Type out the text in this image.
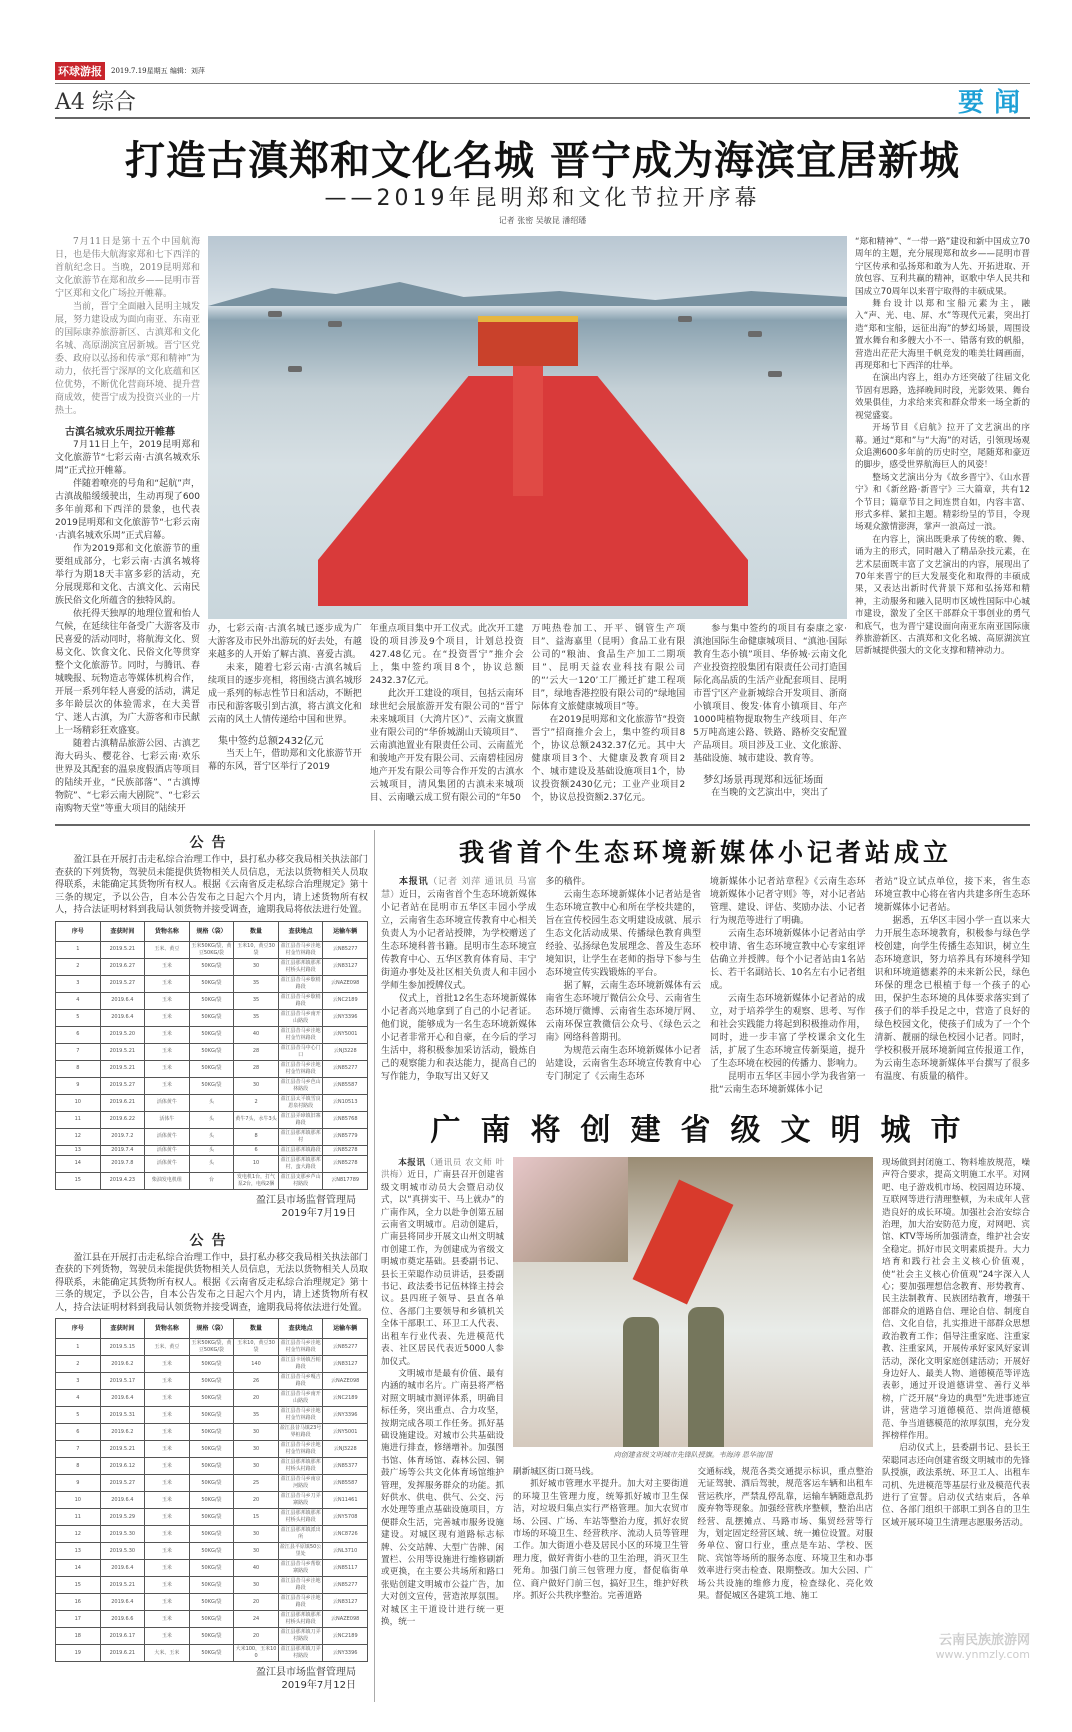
环球游报	2019.7.19星期五 编辑：刘萍
A4 综合	要闻
打造古滇郑和文化名城 晋宁成为海滨宜居新城
——2019年昆明郑和文化节拉开序幕
记者 张密 吴敏昆 潘绍璠

7月11日是第十五个中国航海日，也是伟大航海家郑和七下西洋的首航纪念日。当晚，2019昆明郑和文化旅游节在郑和故乡——昆明市晋宁区郑和文化广场拉开帷幕。

当前，晋宁全面融入昆明主城发展，努力建设成为面向南亚、东南亚的国际康养旅游新区、古滇郑和文化名城、高原湖滨宜居新城。晋宁区党委、政府以弘扬和传承“郑和精神”为动力，依托晋宁深厚的文化底蕴和区位优势，不断优化营商环境、提升营商成效，使晋宁成为投资兴业的一片热土。

古滇名城欢乐周拉开帷幕

7月11日上午，2019昆明郑和文化旅游节“七彩云南·古滇名城欢乐周”正式拉开帷幕。

伴随着嘹亮的号角和“起航”声，古滇战船缓缓驶出，生动再现了600多年前郑和下西洋的景象，也代表2019昆明郑和文化旅游节“七彩云南·古滇名城欢乐周”正式启幕。

作为2019郑和文化旅游节的重要组成部分，七彩云南·古滇名城将举行为期18天丰富多彩的活动，充分展现郑和文化、古滇文化、云南民族民俗文化所蕴含的独特风韵。

依托得天独厚的地理位置和怡人气候，在延续往年备受广大游客及市民喜爱的活动同时，将航海文化、贸易文化、饮食文化、民俗文化等贯穿整个文化旅游节。同时，与腾讯、春城晚报、玩物造志等媒体机构合作，开展一系列年轻人喜爱的活动，满足多年龄层次的体验需求，在大美晋宁、迷人古滇，为广大游客和市民献上一场精彩狂欢盛宴。

随着古滇精品旅游公园、古滇艺海大码头、樱花谷、七彩云南·欢乐世界及其配套的温泉度假酒店等项目的陆续开业，“民族部落”、“古滇博物院”、“七彩云南大剧院”、“七彩云南购物天堂”等重大项目的陆续开

办，七彩云南·古滇名城已逐步成为广大游客及市民外出游玩的好去处，有越来越多的人开始了解古滇、喜爱古滇。

未来，随着七彩云南·古滇名城后续项目的逐步亮相，将围绕古滇名城形成一系列的标志性节日和活动，不断把市民和游客吸引到古滇，将古滇文化和云南的风土人情传递给中国和世界。

集中签约总额2432亿元

当天上午，借助郑和文化旅游节开幕的东风，晋宁区举行了2019

年重点项目集中开工仪式。此次开工建设的项目涉及9个项目，计划总投资427.48亿元。在“投资晋宁”推介会上，集中签约项目8个，协议总额2432.37亿元。

此次开工建设的项目，包括云南环球世纪会展旅游开发有限公司的“晋宁未来城项目（大湾片区）”、云南文旗置业有限公司的“华侨城湖山天镜项目”、云南滇池置业有限责任公司、云南蓝光和骏地产开发有限公司、云南碧桂园房地产开发有限公司等合作开发的古滇水云城项目，清风集团的古滇未来城项目、云南曦云成工贸有限公司的“年50

万吨热卷加工、开平、钢管生产项目”、益海嘉里（昆明）食品工业有限公司的“粮油、食品生产加工二期项目”、昆明天益农业科技有限公司的“‘云大一120’工厂搬迁扩建工程项目”，绿地香港控股有限公司的“绿地国际体育文旅健康城项目”等。

在2019昆明郑和文化旅游节“投资晋宁”招商推介会上，集中签约项目8个，协议总额2432.37亿元。其中大健康项目3个、大健康及教育项目2个、城市建设及基础设施项目1个，协议投资额2430亿元；工业产业项目2个，协议总投资额2.37亿元。

参与集中签约的项目有泰康之家·滇池国际生命健康城项目、“滇池·国际教育生态小镇”项目、华侨城·云南文化产业投资控股集团有限责任公司打造国际化高品质的生活产业配套项目、昆明市晋宁区产业新城综合开发项目、浙商小镇项目、俊发·体育小镇项目、年产1000吨植物提取物生产线项目、年产5万吨高速公路、铁路、路桥交安配置产品项目。项目涉及工业、文化旅游、基础设施、城市建设、教育等。

梦幻场景再现郑和远征场面

在当晚的文艺演出中，突出了

“郑和精神”、“一带一路”建设和新中国成立70周年的主题，充分展现郑和故乡——昆明市晋宁区传承和弘扬郑和敢为人先、开拓进取、开放包容、互利共赢的精神，讴歌中华人民共和国成立70周年以来晋宁取得的丰硕成果。

舞台设计以郑和宝船元素为主，融入“声、光、电、屏、水”等现代元素，突出打造“郑和宝船，远征出海”的梦幻场景，周围设置水舞台和多艘大小不一、错落有致的帆船，营造出茫茫大海里千帆竞发的唯美壮阔画面，再现郑和七下西洋的壮举。

在演出内容上，组办方还突破了往届文化节固有思路，选择晚间时段，光影效果、舞台效果俱佳，力求给来宾和群众带来一场全新的视觉盛宴。

开场节目《启航》拉开了文艺演出的序幕。通过“郑和”与“大海”的对话，引领现场观众追溯600多年前的历史时空，尾随郑和豪迈的脚步，感受世界航海巨人的风姿！

整场文艺演出分为《故乡晋宁》、《山水晋宁》和《新丝路·新晋宁》三大篇章，共有12个节目；篇章节目之间连贯自如，内容丰富、形式多样、紧扣主题。精彩纷呈的节目，令现场观众激情澎湃，掌声一浪高过一浪。

在内容上，演出既秉承了传统的歌、舞、诵为主的形式，同时融入了精品杂技元素，在艺术层面既丰富了文艺演出的内容，展现出了70年来晋宁的巨大发展变化和取得的丰硕成果，又表达出新时代背景下郑和弘扬郑和精神，主动服务和融入昆明市区域性国际中心城市建设，激发了全区干部群众干事创业的勇气和底气，也为晋宁建设面向南亚东南亚国际康养旅游新区、古滇郑和文化名城、高原湖滨宜居新城提供强大的文化支撑和精神动力。

公告
盈江县在开展打击走私综合治理工作中，县打私办移交我局相关执法部门查获的下列货物，驾驶员未能提供货物相关人员信息，无法以货物相关人员取得联系，未能确定其货物所有权人。根据《云南省反走私综合治理规定》第十三条的规定，予以公告，自本公告发布之日起六个月内，请上述货物所有权人，持合法证明材料到我局认领货物并接受调查，逾期我局将依法进行处置。
序号	查获时间	货物名称	规格（袋）	数量	查获地点	运输车辆
1	2019.5.21	玉米、黄豆	玉米50KG/袋，黄豆50KG/袋	玉米10，黄豆30袋	盈江县昔马乡洼地村金竹林路段	云N85277
2	2019.6.27	玉米	50KG/袋	30	盈江县那邦镇那邦村桥头村路段	云N83127
3	2019.5.27	玉米	50KG/袋	35	盈江县昔马乡歇梢路段	云NAZE098
4	2019.6.4	玉米	50KG/袋	35	盈江县昔马乡歇梢路段	云NC2189
5	2019.6.4	玉米	50KG/袋	35	盈江县昔马乡南开山路段	云NY3396
6	2019.5.20	玉米	50KG/袋	40	盈江县昔马乡洼地村金竹林路段	云NY5001
7	2019.5.21	玉米	50KG/袋	28	盈江县昔马中心门口	云NJ3228
8	2019.5.21	玉米	50KG/袋	28	盈江县昔马乡洼地村金竹林路段	云N85277
9	2019.5.27	玉米	50KG/袋	30	盈江县昔马乡芭山林路段	云N85587
10	2019.6.21	活体黄牛	头	2	盈江县太平镇雪良恩泉村路段	云N10513
11	2019.6.22	活体牛	头	黄牛7头，水牛3头	盈江县弄璋镇旧寨路段	云N85768
12	2019.7.2	活体黄牛	头	8	盈江县那邦镇那邦村	云N85779
13	2019.7.4	活体黄牛	头	6	盈江县那邦镇路段	云N85278
14	2019.7.8	活体黄牛	头	10	盈江县那邦镇那邦村，蛮大路段	云N85278
15	2019.4.23	柴油发电机组	台	发电机1台，打气泵2台，电线2捆	盈江县支那乡芦山村路段	云N817789
盈江县市场监督管理局
2019年7月19日
公告
盈江县在开展打击走私综合治理工作中，县打私办移交我局相关执法部门查获的下列货物，驾驶员未能提供货物相关人员信息，无法以货物相关人员取得联系，未能确定其货物所有权人。根据《云南省反走私综合治理规定》第十三条的规定，予以公告，自本公告发布之日起六个月内，请上述货物所有权人，持合法证明材料到我局认领货物并接受调查，逾期我局将依法进行处置。
序号	查获时间	货物名称	规格（袋）	数量	查获地点	运输车辆
1	2019.5.15	玉米、黄豆	玉米50KG/袋，黄豆50KG/袋	玉米10，黄豆30袋	盈江县昔马乡洼地村金竹林路段	云N85277
2	2019.6.2	玉米	50KG/袋	140	盈江县卡场镇吾帕路段	云N83127
3	2019.5.17	玉米	50KG/袋	26	盈江县昔马乡嘎吉路段	云NAZE098
4	2019.6.4	玉米	50KG/袋	20	盈江县昔马乡南开山路段	云NC2189
5	2019.5.31	玉米	50KG/袋	35	盈江县昔马乡洼地村金竹林路段	云NY3396
6	2019.6.2	玉米	50KG/袋	30	盈江县昔马镇23号界桩路段	云NY5001
7	2019.5.21	玉米	50KG/袋	30	盈江县昔马乡洼地村金竹林路段	云NJ3228
8	2019.6.12	玉米	50KG/袋	30	盈江县那邦镇那邦村桥头村路段	云N85377
9	2019.5.27	玉米	50KG/袋	25	盈江县昔马乡南京河路段	云N85587
10	2019.6.4	玉米	50KG/袋	20	盈江县昔马乡刀弄寨路段	云N11461
11	2019.5.29	玉米	50KG/袋	15	盈江县那邦镇那邦村桥头村路段	云NY5708
12	2019.5.30	玉米	50KG/袋	30	盈江县那邦镇派出所	云NC8726
13	2019.5.30	玉米	50KG/袋	30	盈江县平原镇50公里处	云NL3710
14	2019.6.4	玉米	50KG/袋	40	盈江县昔马乡帮歇寨路段	云N85117
15	2019.5.21	玉米	50KG/袋	30	盈江县昔马乡洼地路段	云N85277
16	2019.6.4	玉米	50KG/袋	20	盈江县昔马乡洼地路段	云N83127
17	2019.6.6	玉米	50KG/袋	24	盈江县那邦镇那邦村桥头村路段	云NAZE098
18	2019.6.17	玉米	50KG/袋	20	盈江县那邦镇刀弄村路段	云NC2189
19	2019.6.21	大米、玉米	50KG/袋	大米100，玉米100	盈江县那邦镇刀弄村路段	云NY3396
盈江县市场监督管理局
2019年7月12日
我省首个生态环境新媒体小记者站成立

本报讯（记者 刘萍 通讯员 马富慧）近日，云南省首个生态环境新媒体小记者站在昆明市五华区丰园小学成立，云南省生态环境宣传教育中心相关负责人为小记者站授牌，为学校赠送了生态环境科普书籍。昆明市生态环境宣传教育中心、五华区教育体育局、丰宁街道办事处及社区相关负责人和丰园小学师生参加授牌仪式。

仪式上，首批12名生态环境新媒体小记者高兴地拿到了自己的小记者证。他们说，能够成为一名生态环境新媒体小记者非常开心和自豪，在今后的学习生活中，将积极参加采访活动，锻炼自己的观察能力和表达能力，提高自己的写作能力，争取写出又好又

多的稿件。

云南生态环境新媒体小记者站是省生态环境宣教中心和所在学校共建的，旨在宣传校园生态文明建设成就、展示生态文化活动成果、传播绿色教育典型经验、弘扬绿色发展理念、普及生态环境知识，让学生在老师的指导下参与生态环境宣传实践锻炼的平台。

据了解，云南生态环境新媒体有云南省生态环境厅微信公众号、云南省生态环境厅微博、云南省生态环境厅网、云南环保宣教微信公众号、《绿色云之南》网络科普期刊。

为规范云南生态环境新媒体小记者站建设，云南省生态环境宣传教育中心专门制定了《云南生态环

境新媒体小记者站章程》《云南生态环境新媒体小记者守则》等，对小记者站管理、建设、评估、奖励办法、小记者行为规范等进行了明确。

云南生态环境新媒体小记者站由学校申请、省生态环境宣教中心专家组评估确立并授牌。每个小记者站由1名站长、若干名副站长、10名左右小记者组成。

云南生态环境新媒体小记者站的成立，对于培养学生的观察、思考、写作和社会实践能力将起到积极推动作用，同时，进一步丰富了学校课余文化生活，扩展了生态环境宣传新渠道，提升了生态环境在校园的传播力、影响力。

昆明市五华区丰园小学为我省第一批“云南生态环境新媒体小记

者站”设立试点单位，接下来，省生态环境宣教中心将在省内共建多所生态环境新媒体小记者站。

据悉，五华区丰园小学一直以来大力开展生态环境教育，积极参与绿色学校创建，向学生传播生态知识，树立生态环境意识，努力培养具有环境科学知识和环境道德素养的未来新公民，绿色环保的理念已根植于每一个孩子的心田，保护生态环境的具体要求落实到了孩子们的举手投足之中，营造了良好的绿色校园文化，使孩子们成为了一个个清新、靓丽的绿色校园小记者。同时，学校积极开展环境新闻宣传报道工作，为云南生态环境新媒体平台撰写了很多有温度、有质量的稿件。

广南将创建省级文明城市

本报讯（通讯员 农文师 叶洪梅）近日，广南县召开创建省级文明城市动员大会暨启动仪式，以“真拼实干、马上就办”的广南作风，全力以赴争创第五届云南省文明城市。启动创建后，广南县将同步开展文山州文明城市创建工作，为创建成为省级文明城市奠定基础。县委副书记、县长王荣聪作动员讲话，县委副书记、政法委书记伍林锋主持会议。县四班子领导、县直各单位、各部门主要领导和乡镇机关全体干部职工、环卫工人代表、出租车行业代表、先进模范代表、社区居民代表近5000人参加仪式。

文明城市是最有价值、最有内涵的城市名片。广南县将严格对照文明城市测评体系，明确目标任务，突出重点、合力攻坚，按期完成各项工作任务。抓好基础设施建设。对城市公共基础设施进行排查，修缮增补。加强图书馆、体育场馆、森林公园、铜鼓广场等公共文化体育场馆维护管理，发挥服务群众的功能。抓好供水、供电、供气、公交、污水处理等重点基础设施项目，方便群众生活，完善城市服务设施建设。对城区现有道路标志标牌、公交站牌、大型广告牌、闲置栏、公用等设施进行维修刷新或更换，在主要公共场所和路口张贴创建文明城市公益广告，加大对创文宣传，营造浓厚氛围。对城区主干道设计进行统一更换，统一

向创建省级文明城市先锋队授旗。韦海涛 恩华溶/图

刷新城区街口斑马线。

抓好城市管理水平提升。加大对主要街道的环境卫生管理力度，统筹抓好城市卫生保洁，对垃圾归集点实行严格管理。加大农贸市场、公园、广场、车站等整治力度，抓好农贸市场的环境卫生、经营秩序、流动人员等管理工作。加大街道小巷及居民小区的环境卫生管理力度，做好背街小巷的卫生治理，消灭卫生死角。加强门前三包管理力度，督促临街单位、商户做好门前三包，搞好卫生，维护好秩序。抓好公共秩序整治。完善道路

交通标线，规范各类交通提示标识，重点整治无证驾驶、酒后驾驶，规范客运车辆和出租车营运秩序，严禁乱停乱靠，运输车辆随意乱扔废弃物等现象。加强经营秩序整顿，整治出店经营、乱摆摊点、马路市场、集贸经营等行为，划定固定经营区域、统一摊位设置。对服务单位、窗口行业，重点是车站、学校、医院、宾馆等场所的服务态度、环境卫生和办事效率进行突击检查、限期整改。加大公园、广场公共设施的维修力度，检查绿化、亮化效果。督促城区各建筑工地、施工

现场做到封闭施工、物料堆放规范，噪声符合要求，提高文明施工水平。对网吧、电子游戏机市场、校园周边环境、互联网等进行清理整顿，为未成年人营造良好的成长环境。加强社会治安综合治理，加大治安防范力度，对网吧、宾馆、KTV等场所加强清查，维护社会安全稳定。抓好市民文明素质提升。大力培育和践行社会主义核心价值观，使“社会主义核心价值观”24字深入人心；要加强理想信念教育、形势教育、民主法制教育、民族团结教育，增强干部群众的道路自信、理论自信、制度自信、文化自信，扎实推进干部群众思想政治教育工作；倡导注重家庭、注重家教、注重家风，开展传承好家风好家训活动，深化文明家庭创建活动；开展好身边好人、最美人物、道德模范等评选表彰，通过开设道德讲堂、善行义举榜，广泛开展“身边的典型”先进事迹宣讲，营造学习道德模范、崇尚道德模范、争当道德模范的浓厚氛围，充分发挥榜样作用。

启动仪式上，县委副书记、县长王荣聪同志还向创建省级文明城市的先锋队授旗，政法系统、环卫工人、出租车司机、先进模范等基层行业及模范代表进行了宣誓。启动仪式结束后，各单位、各部门组织干部职工到各自的卫生区域开展环境卫生清理志愿服务活动。

云南民族旅游网
www.ynmzly.com
